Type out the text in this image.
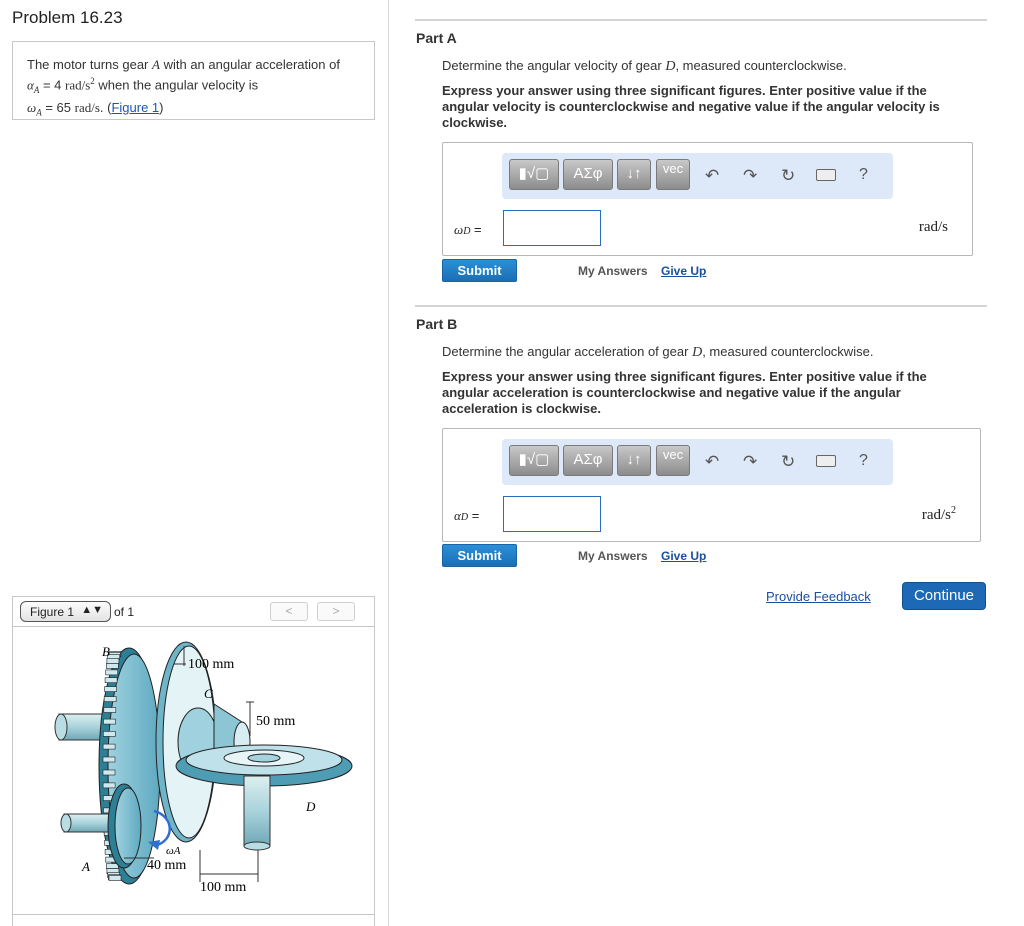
Problem 16.23
The motor turns gear A with an angular acceleration of
$\alpha_A = 4$ rad/$s^2$ when the angular velocity is
$\omega_A = 65$ rad/s. (Figure 1)
Figure 1 ▲▼ of 1	<	>
B
100 mm
C
50 mm
D
ωA
A	40 mm
100 mm
Part A
Determine the angular velocity of gear D, measured counterclockwise.
Express your answer using three significant figures. Enter positive value if the angular velocity is counterclockwise and negative value if the angular velocity is clockwise.
▮√▢	ΑΣφ	↓↑	vec	↶ ↷ ↻	?
ωD =	rad/s
Submit	My Answers Give Up
Part B
Determine the angular acceleration of gear D, measured counterclockwise.
Express your answer using three significant figures. Enter positive value if the angular acceleration is counterclockwise and negative value if the angular acceleration is clockwise.
▮√▢	ΑΣφ	↓↑	vec	↶ ↷ ↻	?
αD =	rad/$s^2$
Submit	My Answers Give Up
Provide Feedback	Continue
